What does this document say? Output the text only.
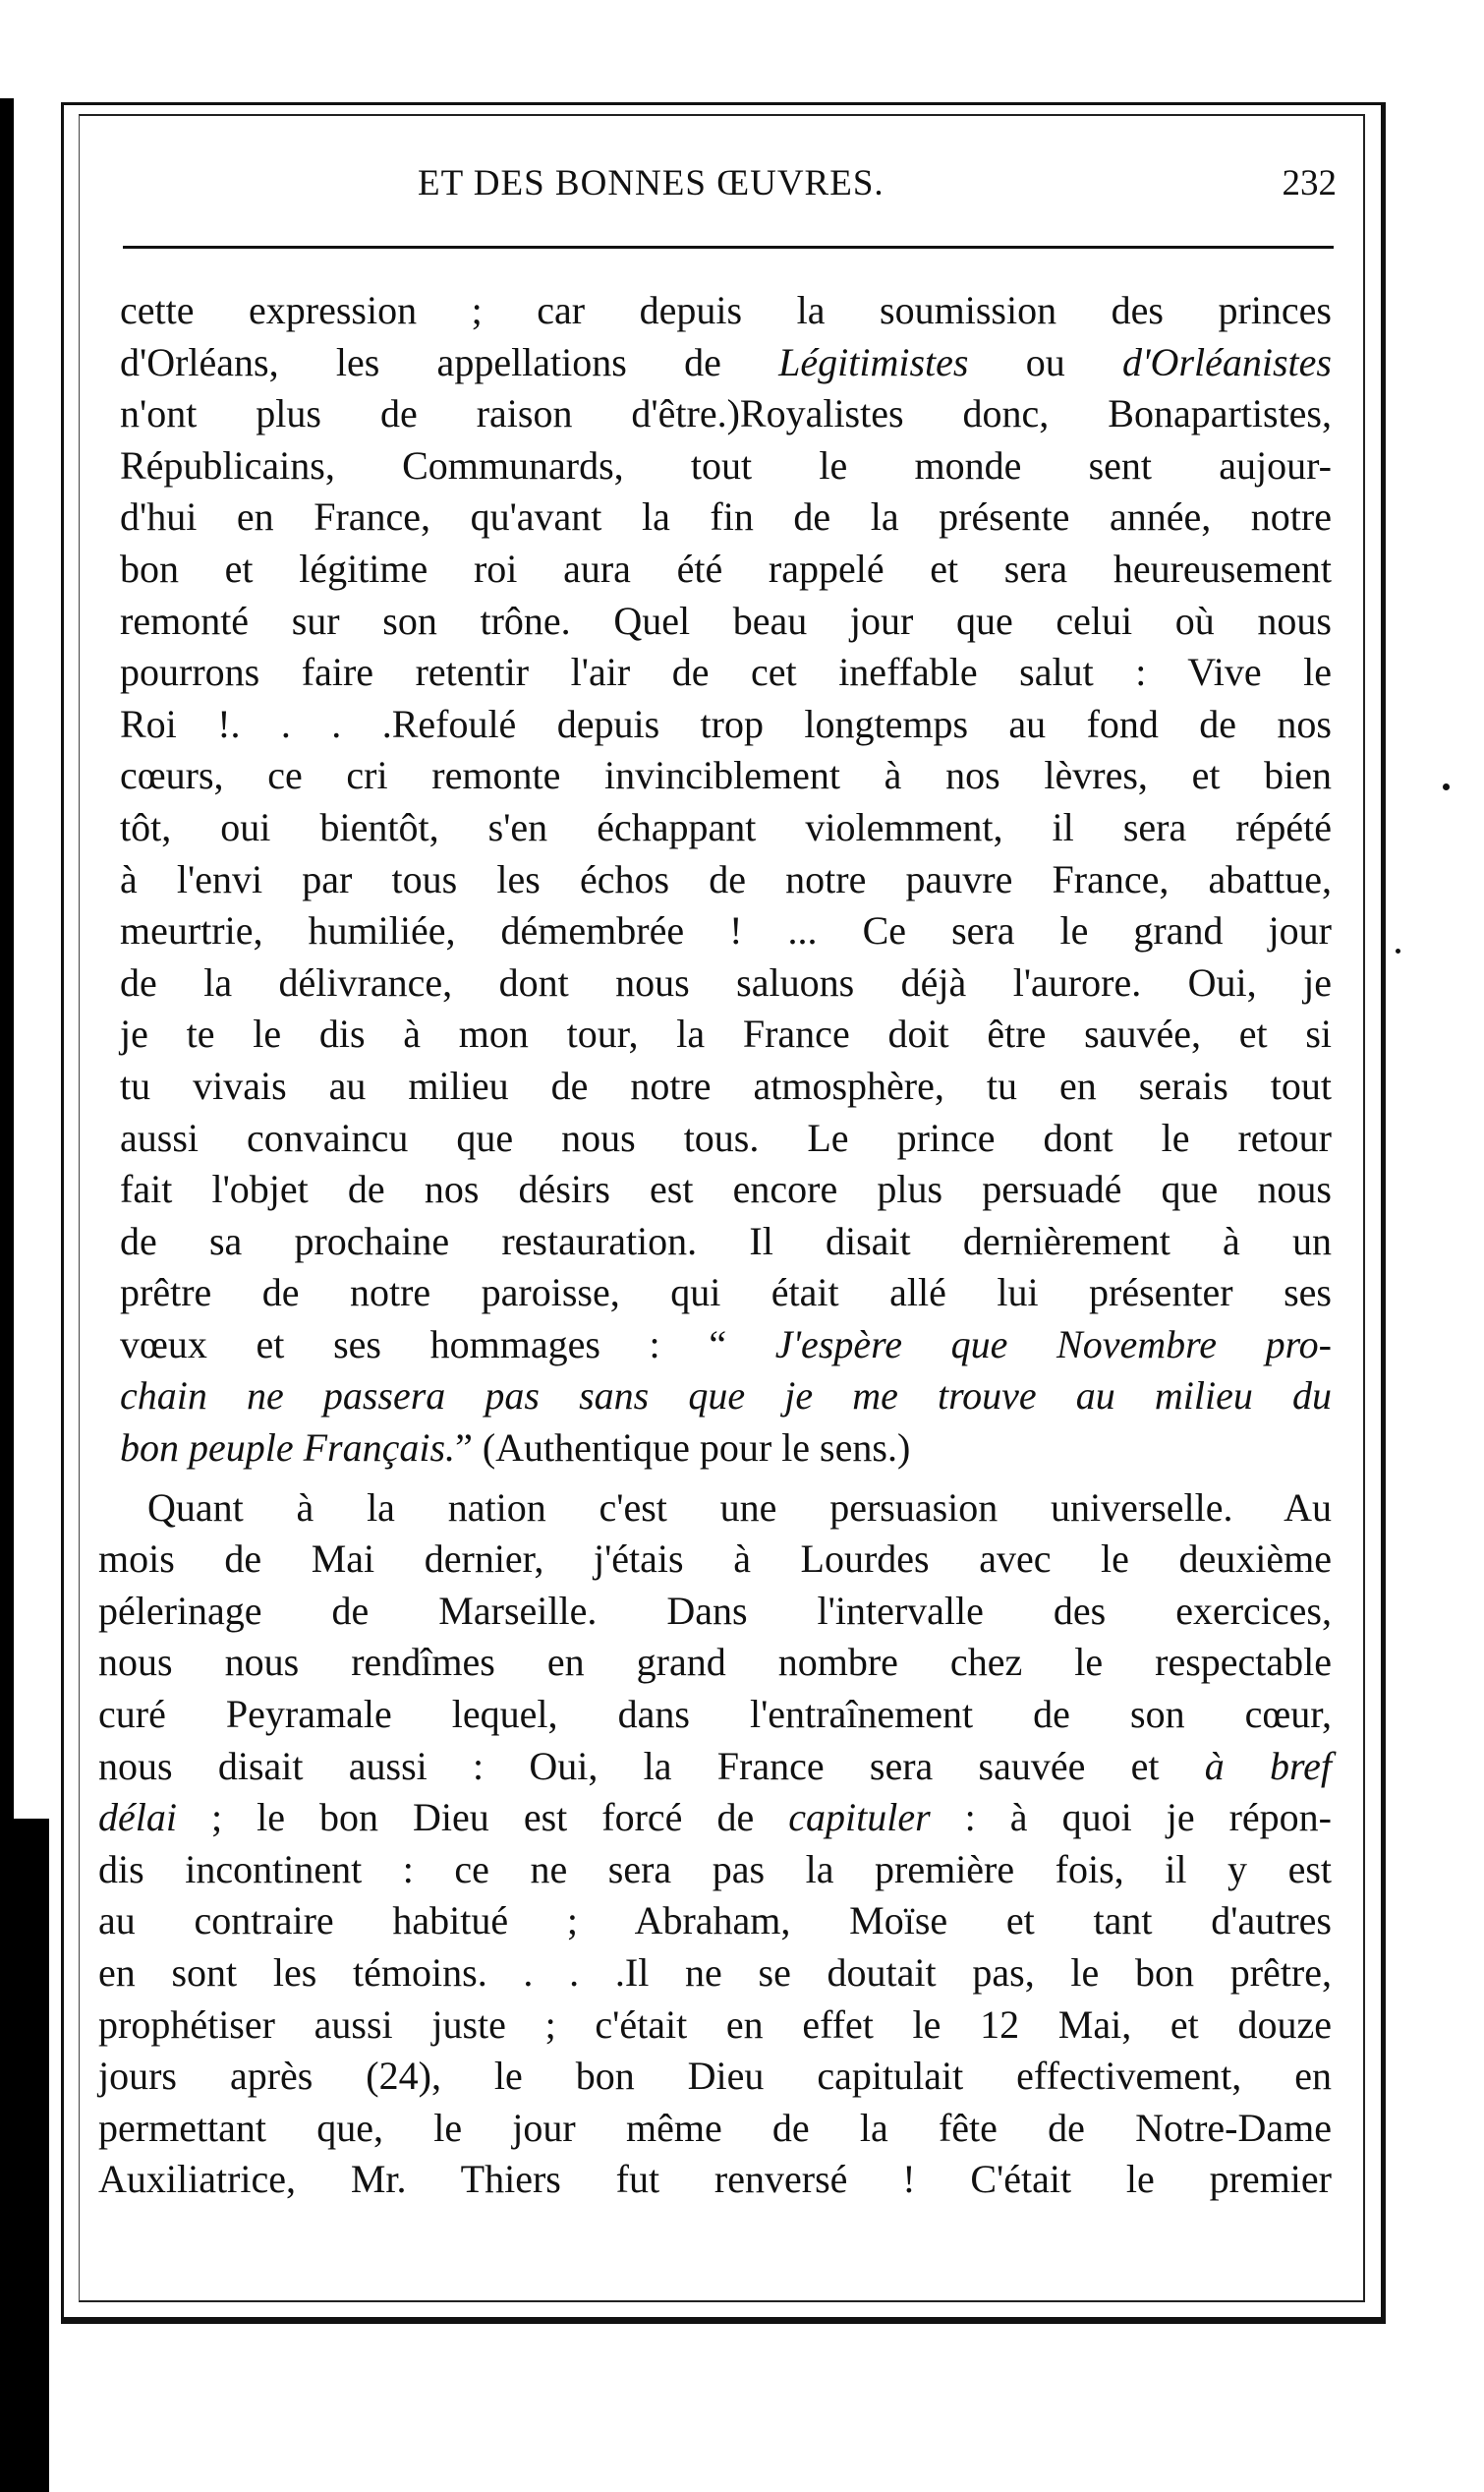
ET DES BONNES ŒUVRES.	232
cette expression ; car depuis la soumission des princes
d'Orléans, les appellations de Légitimistes ou d'Orléanistes
n'ont plus de raison d'être.)Royalistes donc, Bonapartistes,
Républicains, Communards, tout le monde sent aujour-
d'hui en France, qu'avant la fin de la présente année, notre
bon et légitime roi aura été rappelé et sera heureusement
remonté sur son trône. Quel beau jour que celui où nous
pourrons faire retentir l'air de cet ineffable salut : Vive le
Roi !. . . .Refoulé depuis trop longtemps au fond de nos
cœurs, ce cri remonte invinciblement à nos lèvres, et bien
tôt, oui bientôt, s'en échappant violemment, il sera répété
à l'envi par tous les échos de notre pauvre France, abattue,
meurtrie, humiliée, démembrée ! ... Ce sera le grand jour
de la délivrance, dont nous saluons déjà l'aurore. Oui, je
je te le dis à mon tour, la France doit être sauvée, et si
tu vivais au milieu de notre atmosphère, tu en serais tout
aussi convaincu que nous tous. Le prince dont le retour
fait l'objet de nos désirs est encore plus persuadé que nous
de sa prochaine restauration. Il disait dernièrement à un
prêtre de notre paroisse, qui était allé lui présenter ses
vœux et ses hommages : “ J'espère que Novembre pro-
chain ne passera pas sans que je me trouve au milieu du
bon peuple Français.” (Authentique pour le sens.)
Quant à la nation c'est une persuasion universelle. Au
mois de Mai dernier, j'étais à Lourdes avec le deuxième
pélerinage de Marseille. Dans l'intervalle des exercices,
nous nous rendîmes en grand nombre chez le respectable
curé Peyramale lequel, dans l'entraînement de son cœur,
nous disait aussi : Oui, la France sera sauvée et à bref
délai ; le bon Dieu est forcé de capituler : à quoi je répon-
dis incontinent : ce ne sera pas la première fois, il y est
au contraire habitué ; Abraham, Moïse et tant d'autres
en sont les témoins. . . .Il ne se doutait pas, le bon prêtre,
prophétiser aussi juste ; c'était en effet le 12 Mai, et douze
jours après (24), le bon Dieu capitulait effectivement, en
permettant que, le jour même de la fête de Notre-Dame
Auxiliatrice, Mr. Thiers fut renversé ! C'était le premier
